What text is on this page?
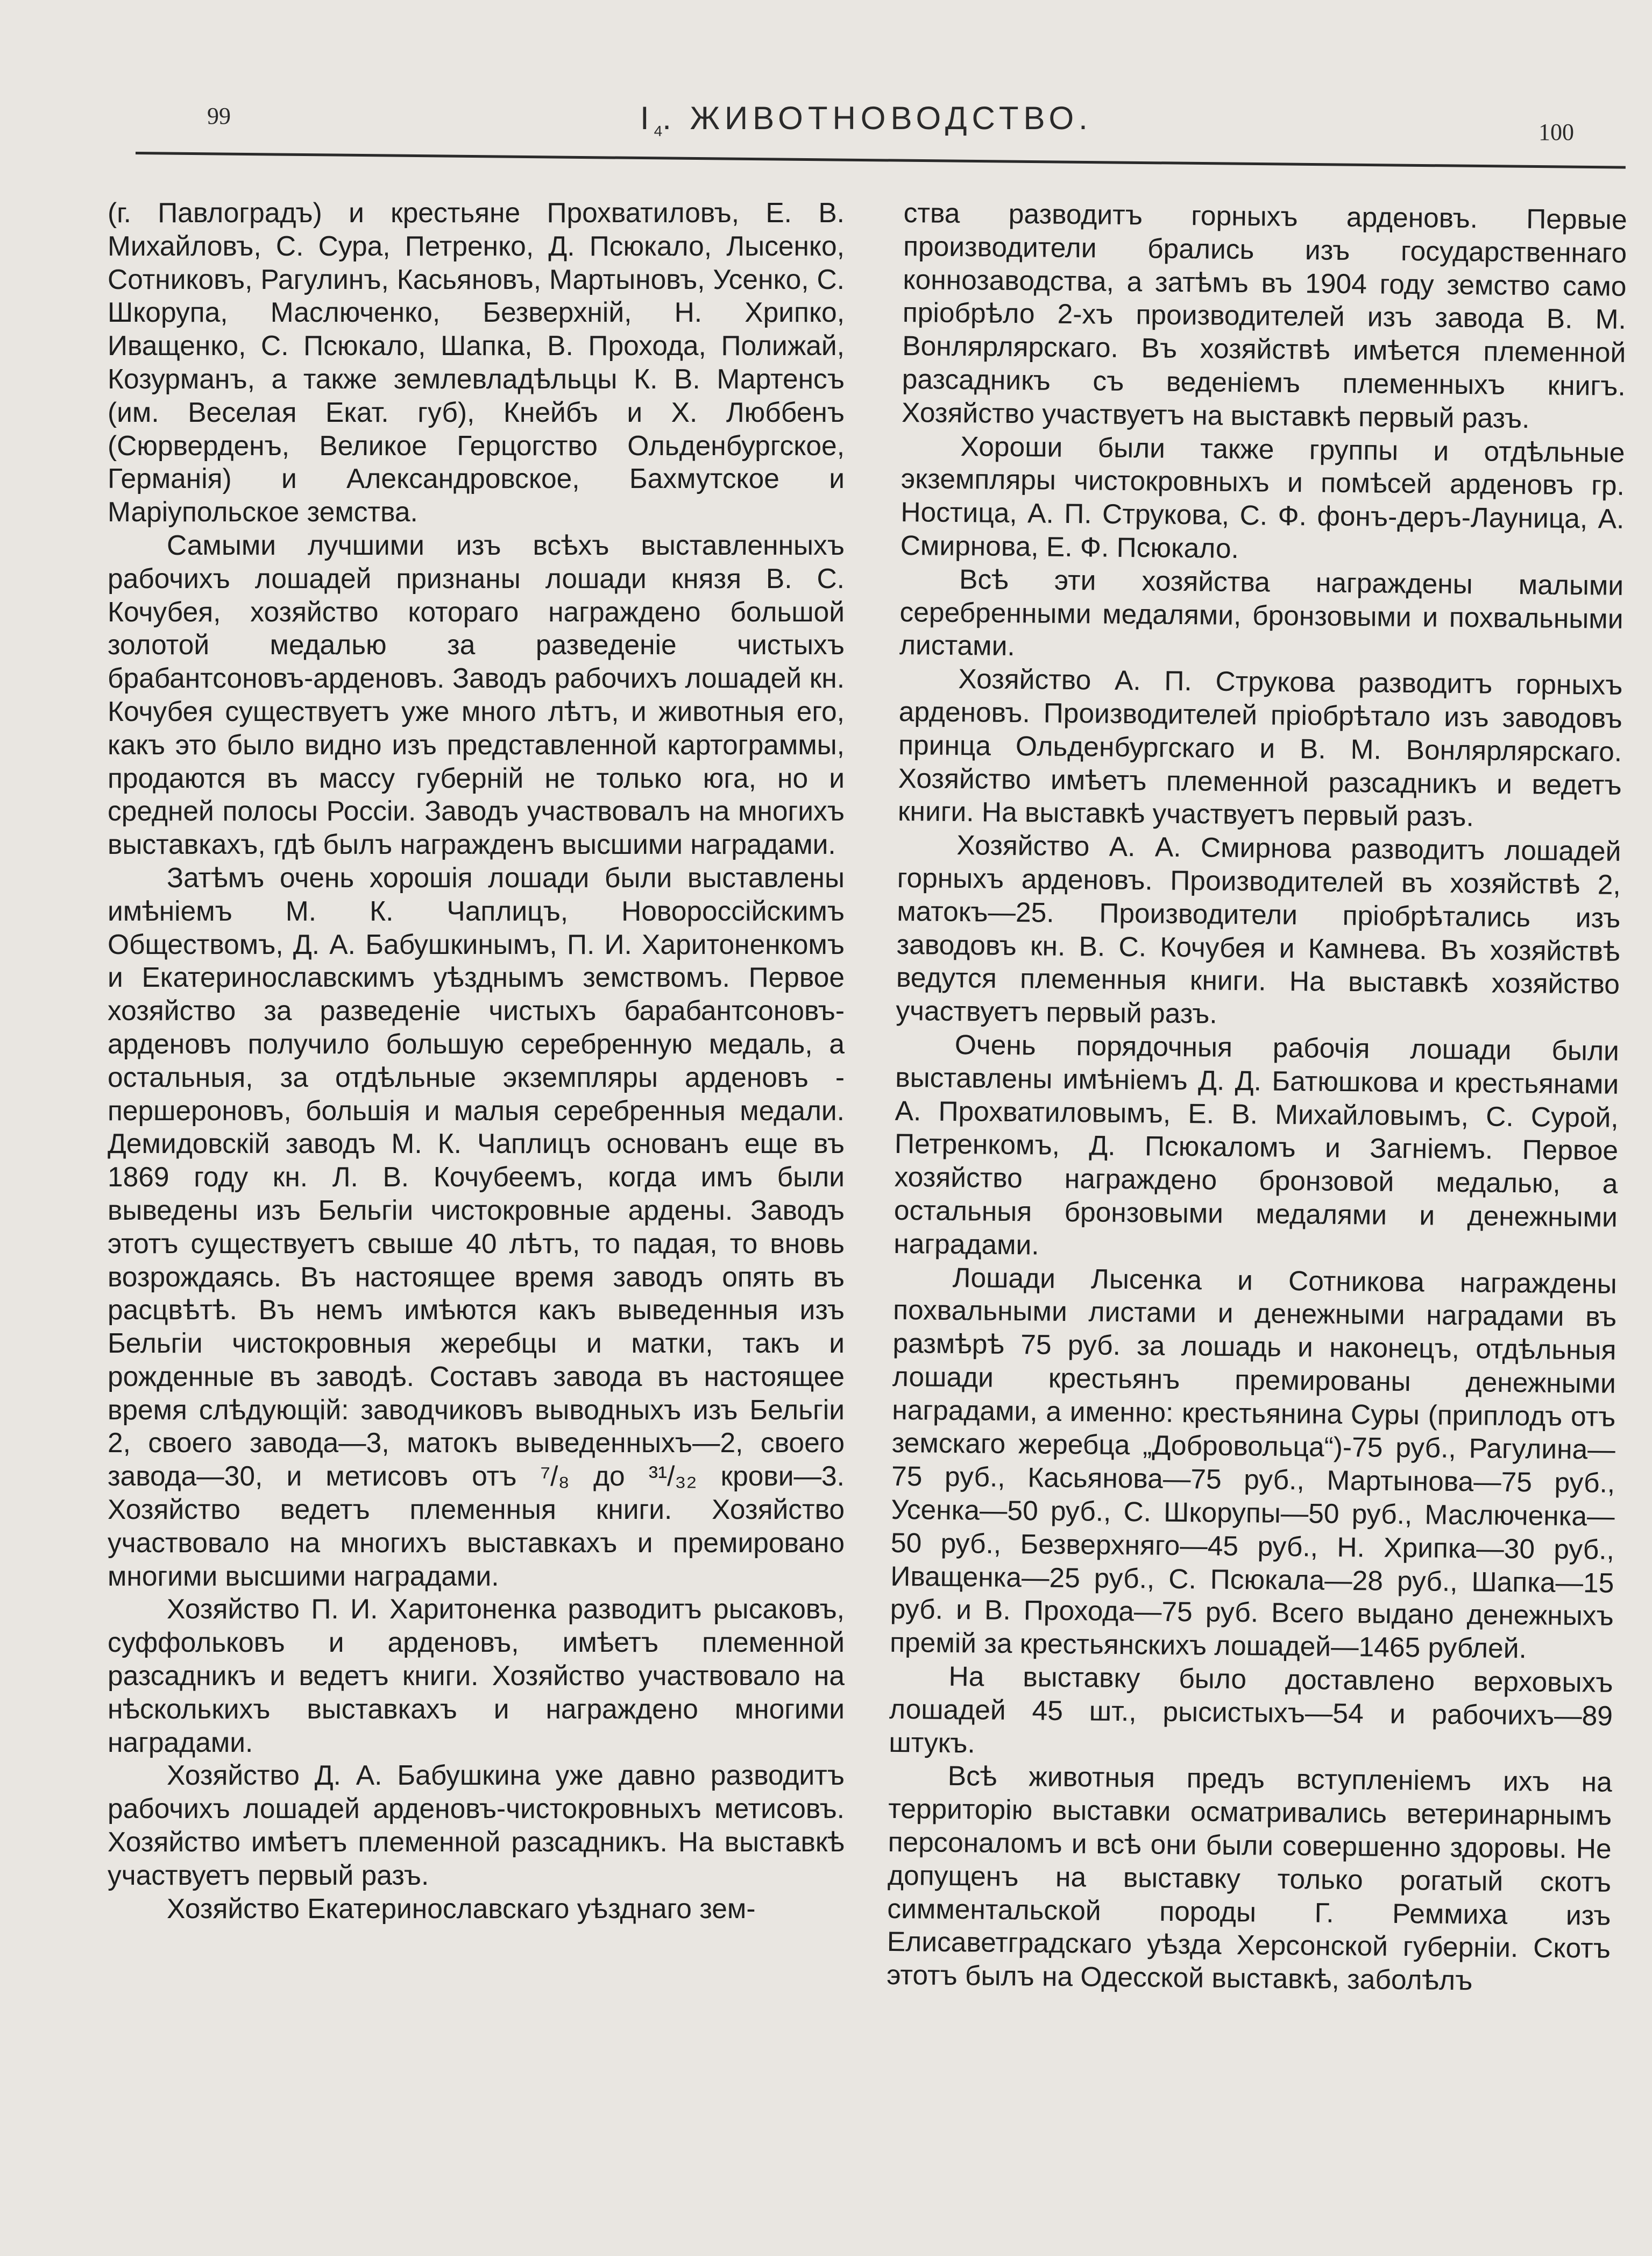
99	$I_4$. ЖИВОТНОВОДСТВО.	100

(г. Павлоградъ) и крестьяне Прохватиловъ, Е. В. Михайловъ, С. Сура, Петренко, Д. Псюкало, Лысенко, Сотниковъ, Рагулинъ, Касьяновъ, Мартыновъ, Усенко, С. Шкорупа, Маслюченко, Безверхній, Н. Хрипко, Иващенко, С. Псюкало, Шапка, В. Прохода, Полижай, Козурманъ, а также землевладѣльцы К. В. Мартенсъ (им. Веселая Екат. губ), Кнейбъ и Х. Люббенъ (Сюрверденъ, Великое Герцогство Ольденбургское, Германія) и Александровское, Бахмутское и Маріупольское земства.

Самыми лучшими изъ всѣхъ выставленныхъ рабочихъ лошадей признаны лошади князя В. С. Кочубея, хозяйство котораго награждено большой золотой медалью за разведеніе чистыхъ брабантсоновъ-арденовъ. Заводъ рабочихъ лошадей кн. Кочубея существуетъ уже много лѣтъ, и животныя его, какъ это было видно изъ представленной картограммы, продаются въ массу губерній не только юга, но и средней полосы Россіи. Заводъ участвовалъ на многихъ выставкахъ, гдѣ былъ награжденъ высшими наградами.

Затѣмъ очень хорошія лошади были выставлены имѣніемъ М. К. Чаплицъ, Новороссійскимъ Обществомъ, Д. А. Бабушкинымъ, П. И. Харитоненкомъ и Екатеринославскимъ уѣзднымъ земствомъ. Первое хозяйство за разведеніе чистыхъ барабантсоновъ-арденовъ получило большую серебренную медаль, а остальныя, за отдѣльные экземпляры арденовъ - першероновъ, большія и малыя серебренныя медали. Демидовскій заводъ М. К. Чаплицъ основанъ еще въ 1869 году кн. Л. В. Кочубеемъ, когда имъ были выведены изъ Бельгіи чистокровные ардены. Заводъ этотъ существуетъ свыше 40 лѣтъ, то падая, то вновь возрождаясь. Въ настоящее время заводъ опять въ расцвѣтѣ. Въ немъ имѣются какъ выведенныя изъ Бельгіи чистокровныя жеребцы и матки, такъ и рожденные въ заводѣ. Составъ завода въ настоящее время слѣдующій: заводчиковъ выводныхъ изъ Бельгіи 2, своего завода—3, матокъ выведенныхъ—2, своего завода—30, и метисовъ отъ ⁷/₈ до ³¹/₃₂ крови—3. Хозяйство ведетъ племенныя книги. Хозяйство участвовало на многихъ выставкахъ и премировано многими высшими наградами.

Хозяйство П. И. Харитоненка разводитъ рысаковъ, суффольковъ и арденовъ, имѣетъ племенной разсадникъ и ведетъ книги. Хозяйство участвовало на нѣсколькихъ выставкахъ и награждено многими наградами.

Хозяйство Д. А. Бабушкина уже давно разводитъ рабочихъ лошадей арденовъ-чистокровныхъ метисовъ. Хозяйство имѣетъ племенной разсадникъ. На выставкѣ участвуетъ первый разъ.

Хозяйство Екатеринославскаго уѣзднаго зем-

ства разводитъ горныхъ арденовъ. Первые производители брались изъ государственнаго коннозаводства, а затѣмъ въ 1904 году земство само пріобрѣло 2-хъ производителей изъ завода В. М. Вонлярлярскаго. Въ хозяйствѣ имѣется племенной разсадникъ съ веденіемъ племенныхъ книгъ. Хозяйство участвуетъ на выставкѣ первый разъ.

Хороши были также группы и отдѣльные экземпляры чистокровныхъ и помѣсей арденовъ гр. Ностица, А. П. Струкова, С. Ф. фонъ-деръ-Лауница, А. Смирнова, Е. Ф. Псюкало.

Всѣ эти хозяйства награждены малыми серебренными медалями, бронзовыми и похвальными листами.

Хозяйство А. П. Струкова разводитъ горныхъ арденовъ. Производителей пріобрѣтало изъ заводовъ принца Ольденбургскаго и В. М. Вонлярлярскаго. Хозяйство имѣетъ племенной разсадникъ и ведетъ книги. На выставкѣ участвуетъ первый разъ.

Хозяйство А. А. Смирнова разводитъ лошадей горныхъ арденовъ. Производителей въ хозяйствѣ 2, матокъ—25. Производители пріобрѣтались изъ заводовъ кн. В. С. Кочубея и Камнева. Въ хозяйствѣ ведутся племенныя книги. На выставкѣ хозяйство участвуетъ первый разъ.

Очень порядочныя рабочія лошади были выставлены имѣніемъ Д. Д. Батюшкова и крестьянами А. Прохватиловымъ, Е. В. Михайловымъ, С. Сурой, Петренкомъ, Д. Псюкаломъ и Загніемъ. Первое хозяйство награждено бронзовой медалью, а остальныя бронзовыми медалями и денежными наградами.

Лошади Лысенка и Сотникова награждены похвальными листами и денежными наградами въ размѣрѣ 75 руб. за лошадь и наконецъ, отдѣльныя лошади крестьянъ премированы денежными наградами, а именно: крестьянина Суры (приплодъ отъ земскаго жеребца „Добровольца“)-75 руб., Рагулина—75 руб., Касьянова—75 руб., Мартынова—75 руб., Усенка—50 руб., С. Шкорупы—50 руб., Маслюченка— 50 руб., Безверхняго—45 руб., Н. Хрипка—30 руб., Иващенка—25 руб., С. Псюкала—28 руб., Шапка—15 руб. и В. Прохода—75 руб. Всего выдано денежныхъ премій за крестьянскихъ лошадей—1465 рублей.

На выставку было доставлено верховыхъ лошадей 45 шт., рысистыхъ—54 и рабочихъ—89 штукъ.

Всѣ животныя предъ вступленіемъ ихъ на территорію выставки осматривались ветеринарнымъ персоналомъ и всѣ они были совершенно здоровы. Не допущенъ на выставку только рогатый скотъ симментальской породы Г. Реммиха изъ Елисаветградскаго уѣзда Херсонской губерніи. Скотъ этотъ былъ на Одесской выставкѣ, заболѣлъ
